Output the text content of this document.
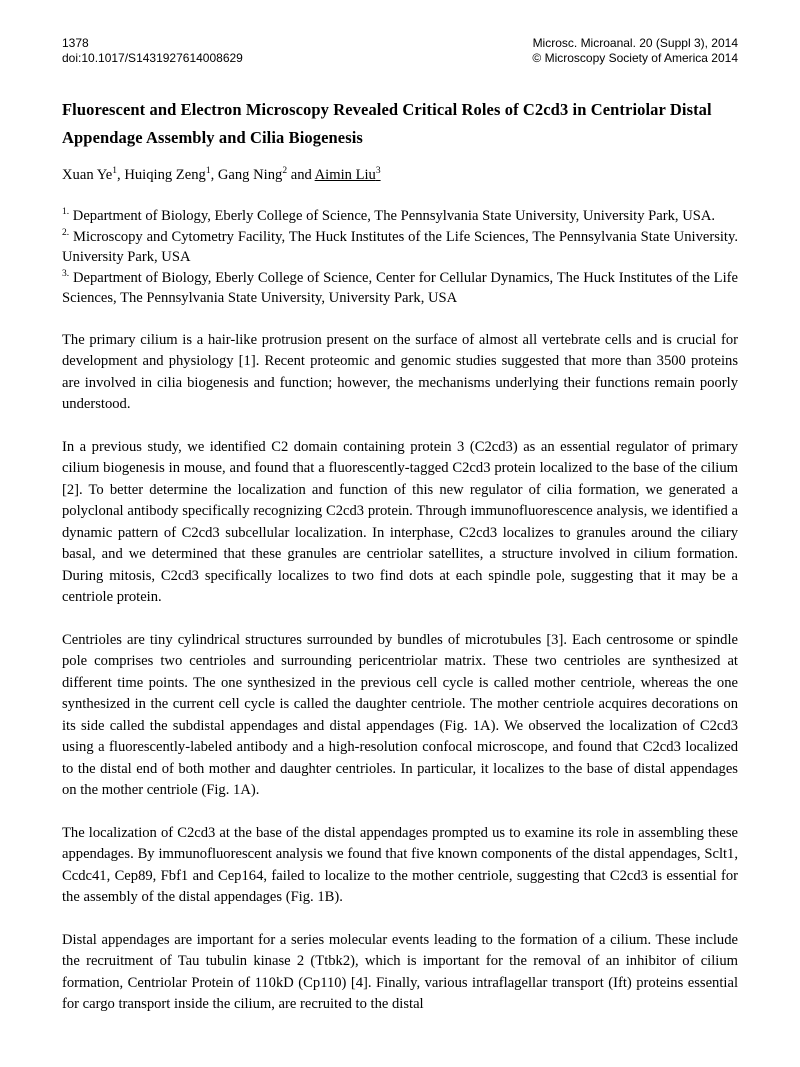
1378
doi:10.1017/S1431927614008629
Microsc. Microanal. 20 (Suppl 3), 2014
© Microscopy Society of America 2014
Fluorescent and Electron Microscopy Revealed Critical Roles of C2cd3 in Centriolar Distal Appendage Assembly and Cilia Biogenesis

Xuan Ye$^1$, Huiqing Zeng$^1$, Gang Ning$^2$ and Aimin Liu$^3$

$^{1.}$ Department of Biology, Eberly College of Science, The Pennsylvania State University, University Park, USA.
$^{2.}$ Microscopy and Cytometry Facility, The Huck Institutes of the Life Sciences, The Pennsylvania State University. University Park, USA
$^{3.}$ Department of Biology, Eberly College of Science, Center for Cellular Dynamics, The Huck Institutes of the Life Sciences, The Pennsylvania State University, University Park, USA

The primary cilium is a hair-like protrusion present on the surface of almost all vertebrate cells and is crucial for development and physiology [1]. Recent proteomic and genomic studies suggested that more than 3500 proteins are involved in cilia biogenesis and function; however, the mechanisms underlying their functions remain poorly understood.

In a previous study, we identified C2 domain containing protein 3 (C2cd3) as an essential regulator of primary cilium biogenesis in mouse, and found that a fluorescently-tagged C2cd3 protein localized to the base of the cilium [2]. To better determine the localization and function of this new regulator of cilia formation, we generated a polyclonal antibody specifically recognizing C2cd3 protein. Through immunofluorescence analysis, we identified a dynamic pattern of C2cd3 subcellular localization. In interphase, C2cd3 localizes to granules around the ciliary basal, and we determined that these granules are centriolar satellites, a structure involved in cilium formation. During mitosis, C2cd3 specifically localizes to two find dots at each spindle pole, suggesting that it may be a centriole protein.

Centrioles are tiny cylindrical structures surrounded by bundles of microtubules [3]. Each centrosome or spindle pole comprises two centrioles and surrounding pericentriolar matrix. These two centrioles are synthesized at different time points. The one synthesized in the previous cell cycle is called mother centriole, whereas the one synthesized in the current cell cycle is called the daughter centriole. The mother centriole acquires decorations on its side called the subdistal appendages and distal appendages (Fig. 1A). We observed the localization of C2cd3 using a fluorescently-labeled antibody and a high-resolution confocal microscope, and found that C2cd3 localized to the distal end of both mother and daughter centrioles. In particular, it localizes to the base of distal appendages on the mother centriole (Fig. 1A).

The localization of C2cd3 at the base of the distal appendages prompted us to examine its role in assembling these appendages. By immunofluorescent analysis we found that five known components of the distal appendages, Sclt1, Ccdc41, Cep89, Fbf1 and Cep164, failed to localize to the mother centriole, suggesting that C2cd3 is essential for the assembly of the distal appendages (Fig. 1B).

Distal appendages are important for a series molecular events leading to the formation of a cilium. These include the recruitment of Tau tubulin kinase 2 (Ttbk2), which is important for the removal of an inhibitor of cilium formation, Centriolar Protein of 110kD (Cp110) [4]. Finally, various intraflagellar transport (Ift) proteins essential for cargo transport inside the cilium, are recruited to the distal
